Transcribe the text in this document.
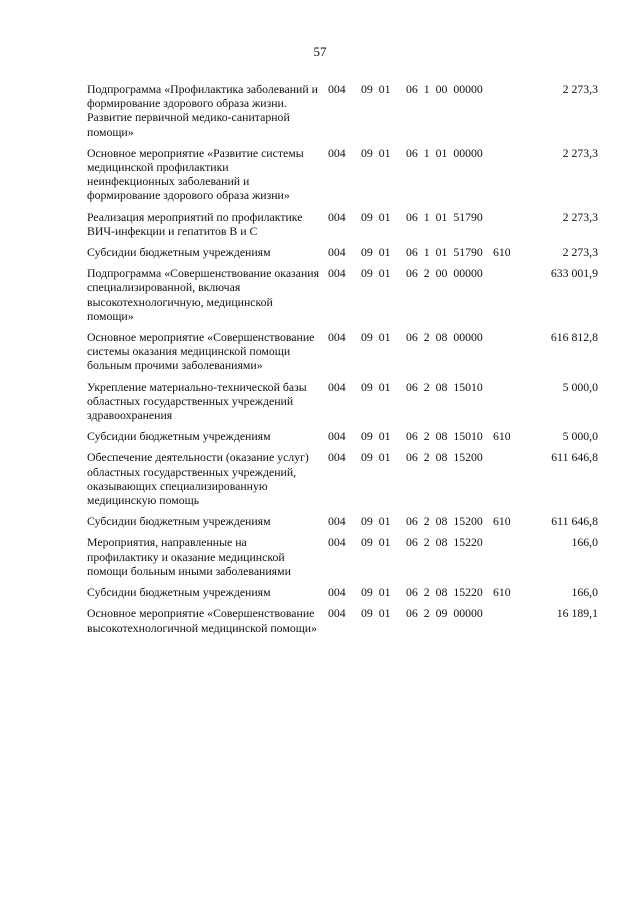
57
Подпрограмма «Профилактика заболеваний и формирование здорового образа жизни. Развитие первичной медико-санитарной помощи»
004 09 01 06 1 00 00000	2 273,3
Основное мероприятие «Развитие системы медицинской профилактики неинфекционных заболеваний и формирование здорового образа жизни»
004 09 01 06 1 01 00000	2 273,3
Реализация мероприятий по профилактике ВИЧ-инфекции и гепатитов В и С
004 09 01 06 1 01 51790	2 273,3
Субсидии бюджетным учреждениям	004 09 01 06 1 01 51790 610	2 273,3
Подпрограмма «Совершенствование оказания специализированной, включая высокотехнологичную, медицинской помощи»
004 09 01 06 2 00 00000	633 001,9
Основное мероприятие «Совершенствование системы оказания медицинской помощи больным прочими заболеваниями»
004 09 01 06 2 08 00000	616 812,8
Укрепление материально-технической базы областных государственных учреждений здравоохранения
004 09 01 06 2 08 15010	5 000,0
Субсидии бюджетным учреждениям	004 09 01 06 2 08 15010 610	5 000,0
Обеспечение деятельности (оказание услуг) областных государственных учреждений, оказывающих специализированную медицинскую помощь
004 09 01 06 2 08 15200	611 646,8
Субсидии бюджетным учреждениям	004 09 01 06 2 08 15200 610	611 646,8
Мероприятия, направленные на профилактику и оказание медицинской помощи больным иными заболеваниями
004 09 01 06 2 08 15220	166,0
Субсидии бюджетным учреждениям	004 09 01 06 2 08 15220 610	166,0
Основное мероприятие «Совершенствование высокотехнологичной медицинской помощи»
004 09 01 06 2 09 00000	16 189,1
